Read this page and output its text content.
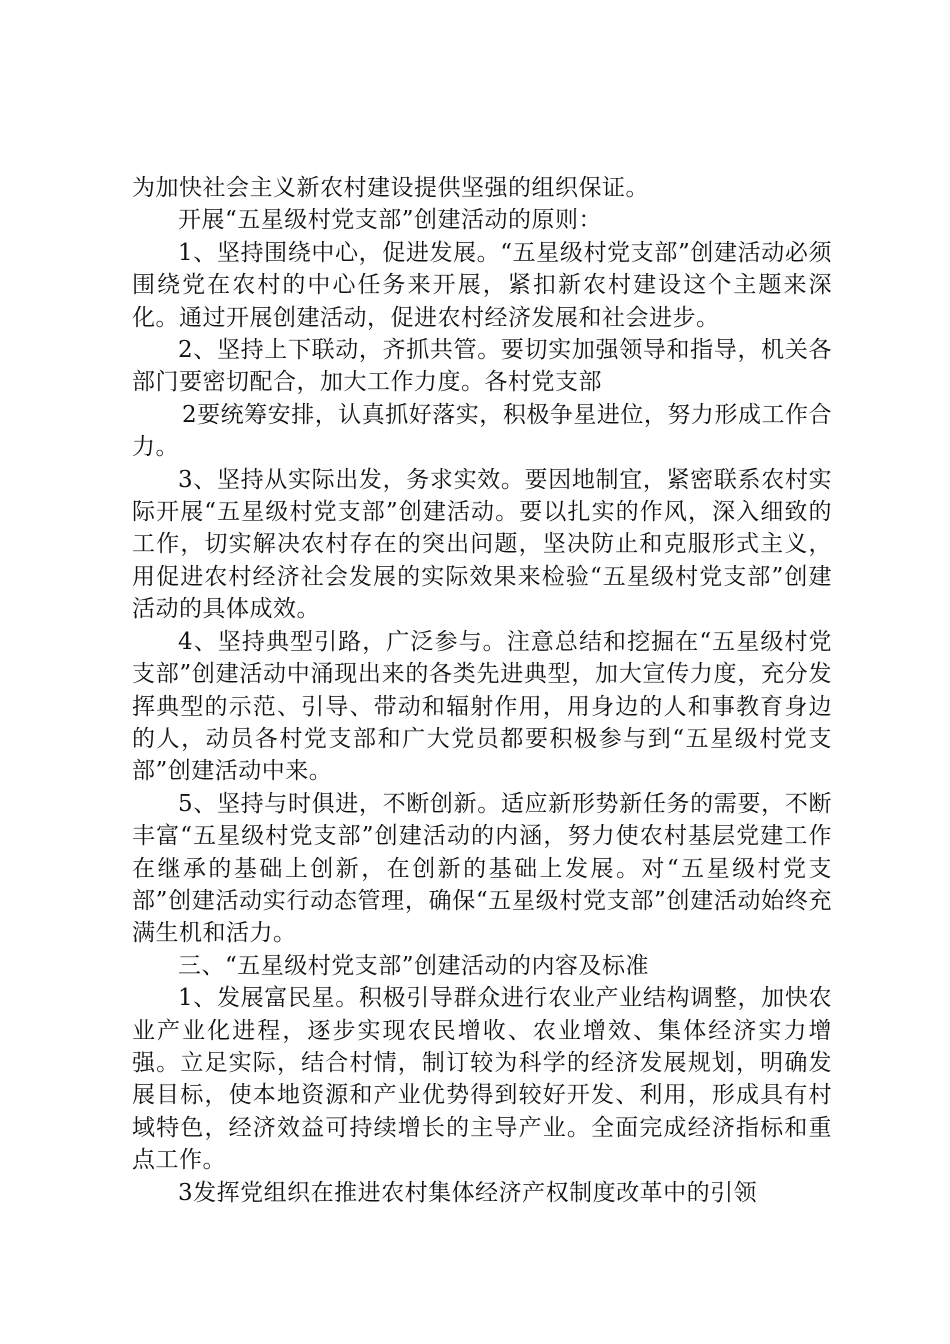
为加快社会主义新农村建设提供坚强的组织保证。

开展“五星级村党支部”创建活动的原则：

1、坚持围绕中心，促进发展。“五星级村党支部”创建活动必须围绕党在农村的中心任务来开展，紧扣新农村建设这个主题来深化。通过开展创建活动，促进农村经济发展和社会进步。

2、坚持上下联动，齐抓共管。要切实加强领导和指导，机关各部门要密切配合，加大工作力度。各村党支部

2要统筹安排，认真抓好落实，积极争星进位，努力形成工作合力。

3、坚持从实际出发，务求实效。要因地制宜，紧密联系农村实际开展“五星级村党支部”创建活动。要以扎实的作风，深入细致的工作，切实解决农村存在的突出问题，坚决防止和克服形式主义，用促进农村经济社会发展的实际效果来检验“五星级村党支部”创建活动的具体成效。

4、坚持典型引路，广泛参与。注意总结和挖掘在“五星级村党支部”创建活动中涌现出来的各类先进典型，加大宣传力度，充分发挥典型的示范、引导、带动和辐射作用，用身边的人和事教育身边的人，动员各村党支部和广大党员都要积极参与到“五星级村党支部”创建活动中来。

5、坚持与时俱进，不断创新。适应新形势新任务的需要，不断丰富“五星级村党支部”创建活动的内涵，努力使农村基层党建工作在继承的基础上创新，在创新的基础上发展。对“五星级村党支部”创建活动实行动态管理，确保“五星级村党支部”创建活动始终充满生机和活力。

三、“五星级村党支部”创建活动的内容及标准

1、发展富民星。积极引导群众进行农业产业结构调整，加快农业产业化进程，逐步实现农民增收、农业增效、集体经济实力增强。立足实际，结合村情，制订较为科学的经济发展规划，明确发展目标，使本地资源和产业优势得到较好开发、利用，形成具有村域特色，经济效益可持续增长的主导产业。全面完成经济指标和重点工作。

3发挥党组织在推进农村集体经济产权制度改革中的引领
